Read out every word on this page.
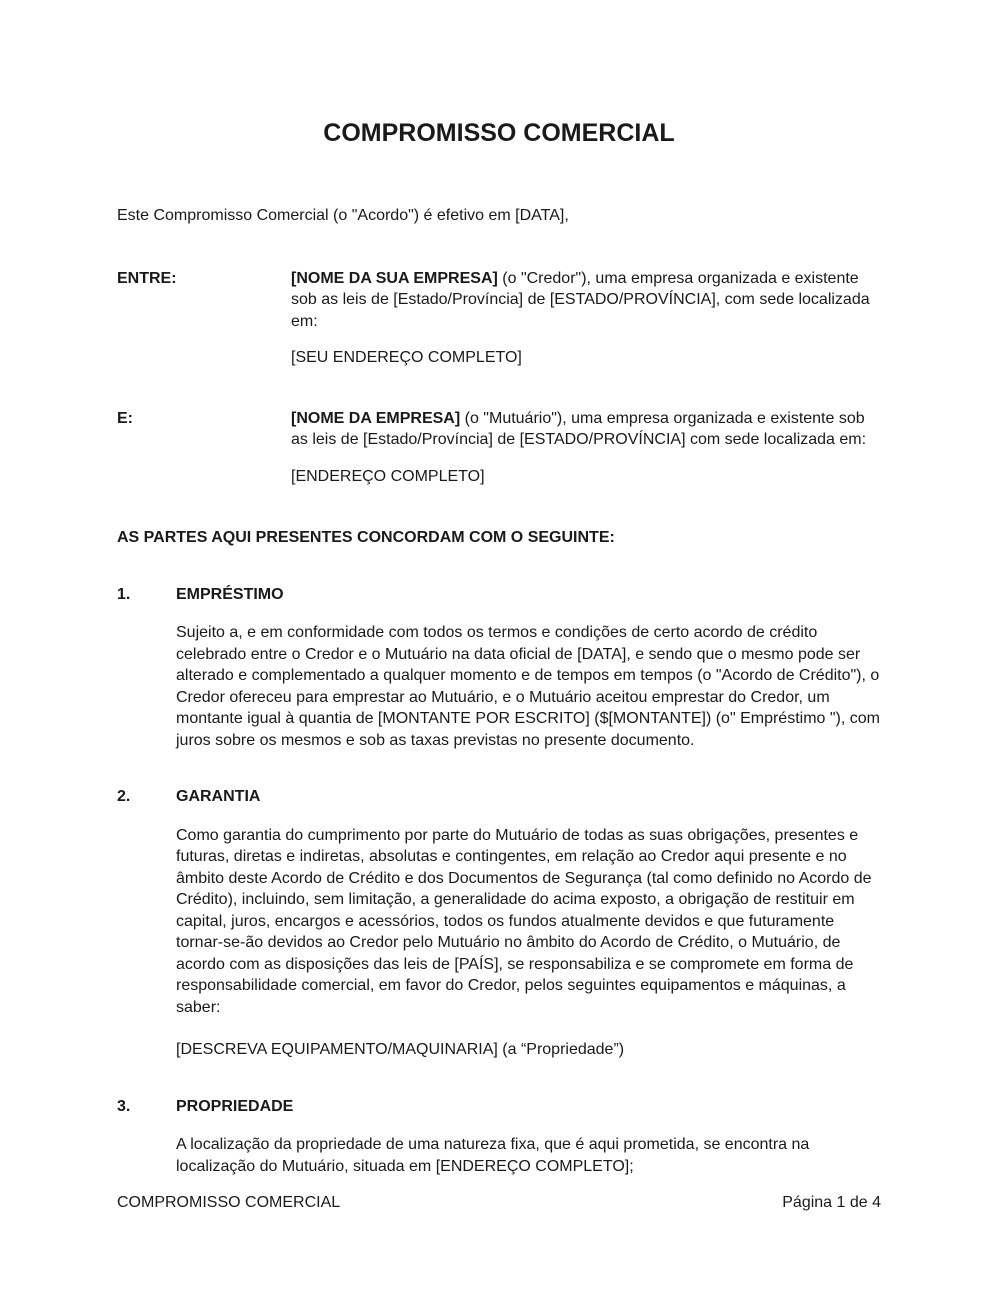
COMPROMISSO COMERCIAL

Este Compromisso Comercial (o "Acordo") é efetivo em [DATA],

ENTRE:	[NOME DA SUA EMPRESA] (o "Credor"), uma empresa organizada e existente sob as leis de [Estado/Província] de [ESTADO/PROVÍNCIA], com sede localizada em:

[SEU ENDEREÇO COMPLETO]

E:	[NOME DA EMPRESA] (o "Mutuário"), uma empresa organizada e existente sob as leis de [Estado/Província] de [ESTADO/PROVÍNCIA] com sede localizada em:

[ENDEREÇO COMPLETO]

AS PARTES AQUI PRESENTES CONCORDAM COM O SEGUINTE:

1.	EMPRÉSTIMO

Sujeito a, e em conformidade com todos os termos e condições de certo acordo de crédito celebrado entre o Credor e o Mutuário na data oficial de [DATA], e sendo que o mesmo pode ser alterado e complementado a qualquer momento e de tempos em tempos (o "Acordo de Crédito"), o Credor ofereceu para emprestar ao Mutuário, e o Mutuário aceitou emprestar do Credor, um montante igual à quantia de [MONTANTE POR ESCRITO] ($[MONTANTE]) (o" Empréstimo "), com juros sobre os mesmos e sob as taxas previstas no presente documento.

2.	GARANTIA

Como garantia do cumprimento por parte do Mutuário de todas as suas obrigações, presentes e futuras, diretas e indiretas, absolutas e contingentes, em relação ao Credor aqui presente e no âmbito deste Acordo de Crédito e dos Documentos de Segurança (tal como definido no Acordo de Crédito), incluindo, sem limitação, a generalidade do acima exposto, a obrigação de restituir em capital, juros, encargos e acessórios, todos os fundos atualmente devidos e que futuramente tornar-se-ão devidos ao Credor pelo Mutuário no âmbito do Acordo de Crédito, o Mutuário, de acordo com as disposições das leis de [PAÍS], se responsabiliza e se compromete em forma de responsabilidade comercial, em favor do Credor, pelos seguintes equipamentos e máquinas, a saber:

[DESCREVA EQUIPAMENTO/MAQUINARIA] (a “Propriedade”)

3.	PROPRIEDADE

A localização da propriedade de uma natureza fixa, que é aqui prometida, se encontra na localização do Mutuário, situada em [ENDEREÇO COMPLETO];

COMPROMISSO COMERCIAL	Página 1 de 4
